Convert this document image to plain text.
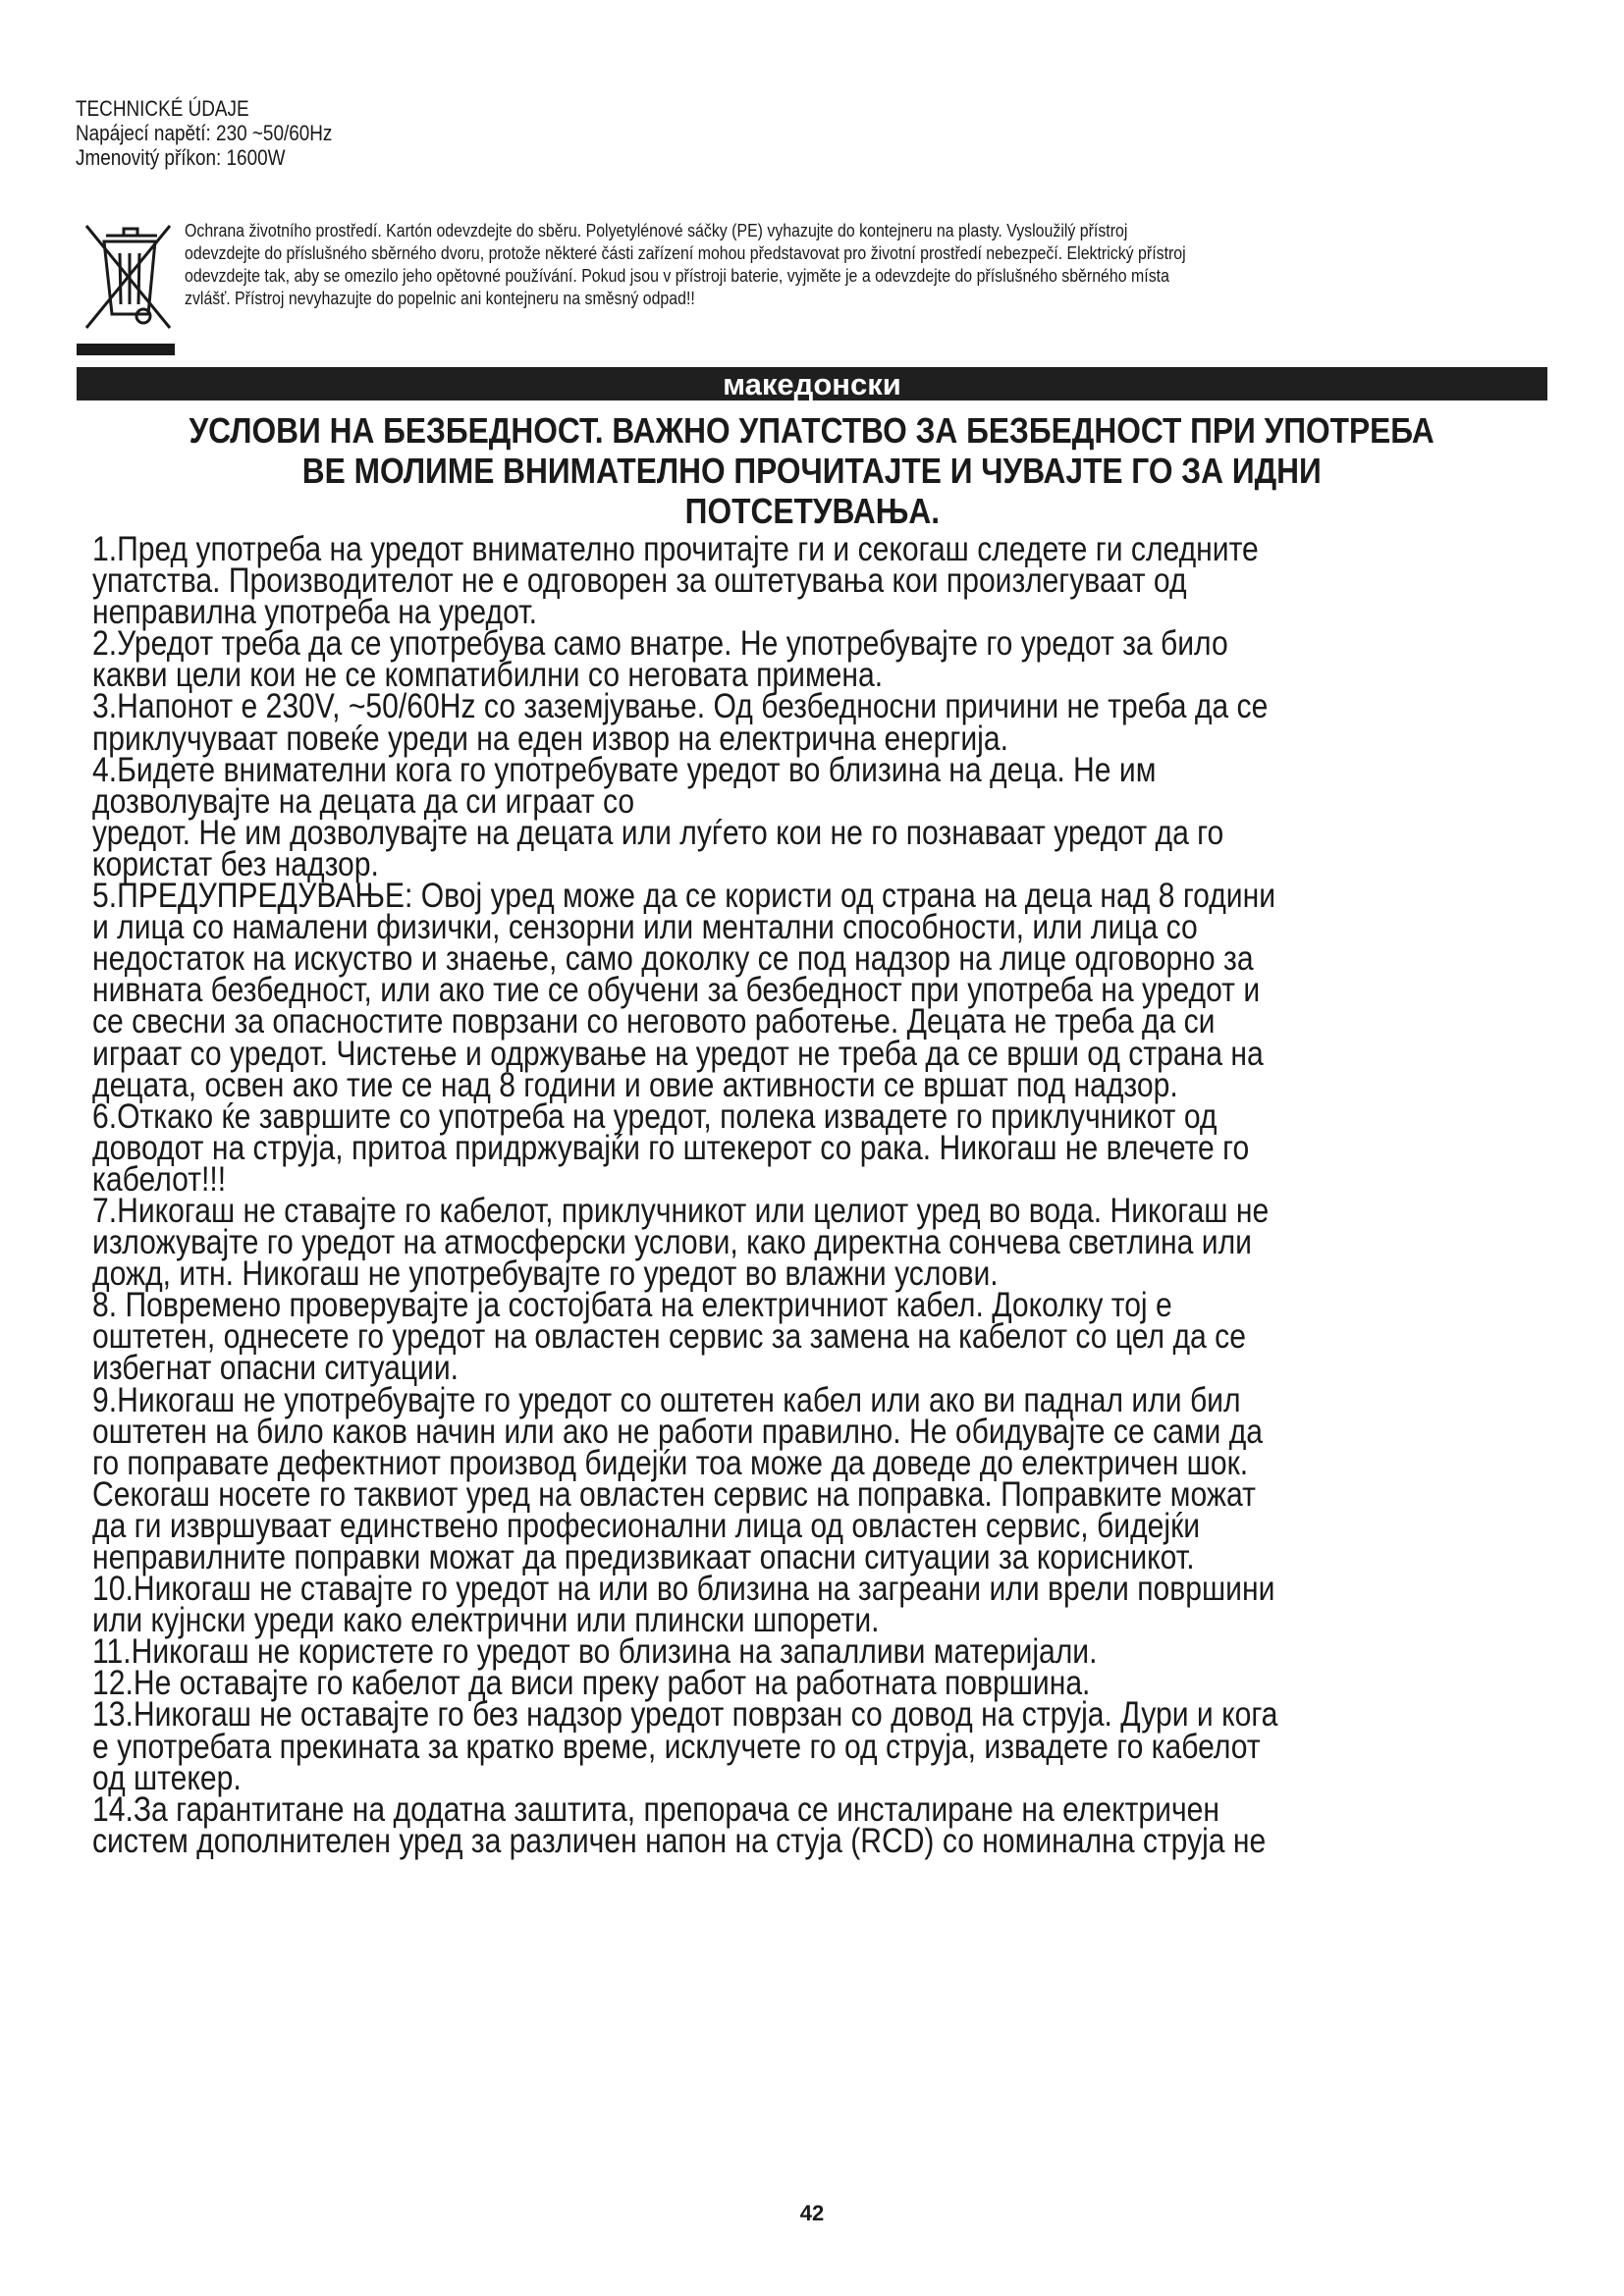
TECHNICKÉ ÚDAJE
Napájecí napětí: 230 ~50/60Hz
Jmenovitý příkon: 1600W
Ochrana životního prostředí. Kartón odevzdejte do sběru. Polyetylénové sáčky (PE) vyhazujte do kontejneru na plasty. Vysloužilý přístroj
odevzdejte do příslušného sběrného dvoru, protože některé části zařízení mohou představovat pro životní prostředí nebezpečí. Elektrický přístroj
odevzdejte tak, aby se omezilo jeho opětovné používání. Pokud jsou v přístroji baterie, vyjměte je a odevzdejte do příslušného sběrného místa
zvlášť. Přístroj nevyhazujte do popelnic ani kontejneru na směsný odpad!!
македонски
УСЛОВИ НА БЕЗБЕДНОСТ. ВАЖНО УПАТСТВО ЗА БЕЗБЕДНОСТ ПРИ УПОТРЕБА
ВЕ МОЛИМЕ ВНИМАТЕЛНО ПРОЧИТАЈТЕ И ЧУВАЈТЕ ГО ЗА ИДНИ
ПОТСЕТУВАЊА.
1.Пред употреба на уредот внимателно прочитајте ги и секогаш следете ги следните
упатства. Производителот не е одговорен за оштетувања кои произлегуваат од
неправилна употреба на уредот.
2.Уредот треба да се употребува само внатре. Не употребувајте го уредот за било
какви цели кои не се компатибилни со неговата примена.
3.Напонот е 230V, ~50/60Hz со заземјување. Од безбедносни причини не треба да се
приклучуваат повеќе уреди на еден извор на електрична енергија.
4.Бидете внимателни кога го употребувате уредот во близина на деца. Не им
дозволувајте на децата да си играат со
уредот. Не им дозволувајте на децата или луѓето кои не го познаваат уредот да го
користат без надзор.
5.ПРЕДУПРЕДУВАЊЕ: Овој уред може да се користи од страна на деца над 8 години
и лица со намалени физички, сензорни или ментални способности, или лица со
недостаток на искуство и знаење, само доколку се под надзор на лице одговорно за
нивната безбедност, или ако тие се обучени за безбедност при употреба на уредот и
се свесни за опасностите поврзани со неговото работење. Децата не треба да си
играат со уредот. Чистење и одржување на уредот не треба да се врши од страна на
децата, освен ако тие се над 8 години и овие активности се вршат под надзор.
6.Откако ќе завршите со употреба на уредот, полека извадете го приклучникот од
доводот на струја, притоа придржувајќи го штекерот со рака. Никогаш не влечете го
кабелот!!!
7.Никогаш не ставајте го кабелот, приклучникот или целиот уред во вода. Никогаш не
изложувајте го уредот на атмосферски услови, како директна сончева светлина или
дожд, итн. Никогаш не употребувајте го уредот во влажни услови.
8. Повремено проверувајте ја состојбата на електричниот кабел. Доколку тој е
оштетен, однесете го уредот на овластен сервис за замена на кабелот со цел да се
избегнат опасни ситуации.
9.Никогаш не употребувајте го уредот со оштетен кабел или ако ви паднал или бил
оштетен на било каков начин или ако не работи правилно. Не обидувајте се сами да
го поправате дефектниот производ бидејќи тоа може да доведе до електричен шок.
Секогаш носете го таквиот уред на овластен сервис на поправка. Поправките можат
да ги извршуваат единствено професионални лица од овластен сервис, бидејќи
неправилните поправки можат да предизвикаат опасни ситуации за корисникот.
10.Никогаш не ставајте го уредот на или во близина на загреани или врели површини
или кујнски уреди како електрични или плински шпорети.
11.Никогаш не користете го уредот во близина на запалливи материјали.
12.Не оставајте го кабелот да виси преку работ на работната површина.
13.Никогаш не оставајте го без надзор уредот поврзан со довод на струја. Дури и кога
е употребата прекината за кратко време, исклучете го од струја, извадете го кабелот
од штекер.
14.За гарантитане на додатна заштита, препорача се инсталиране на електричен
систем дополнителен уред за различен напон на стуја (RCD) со номинална струја не
42
